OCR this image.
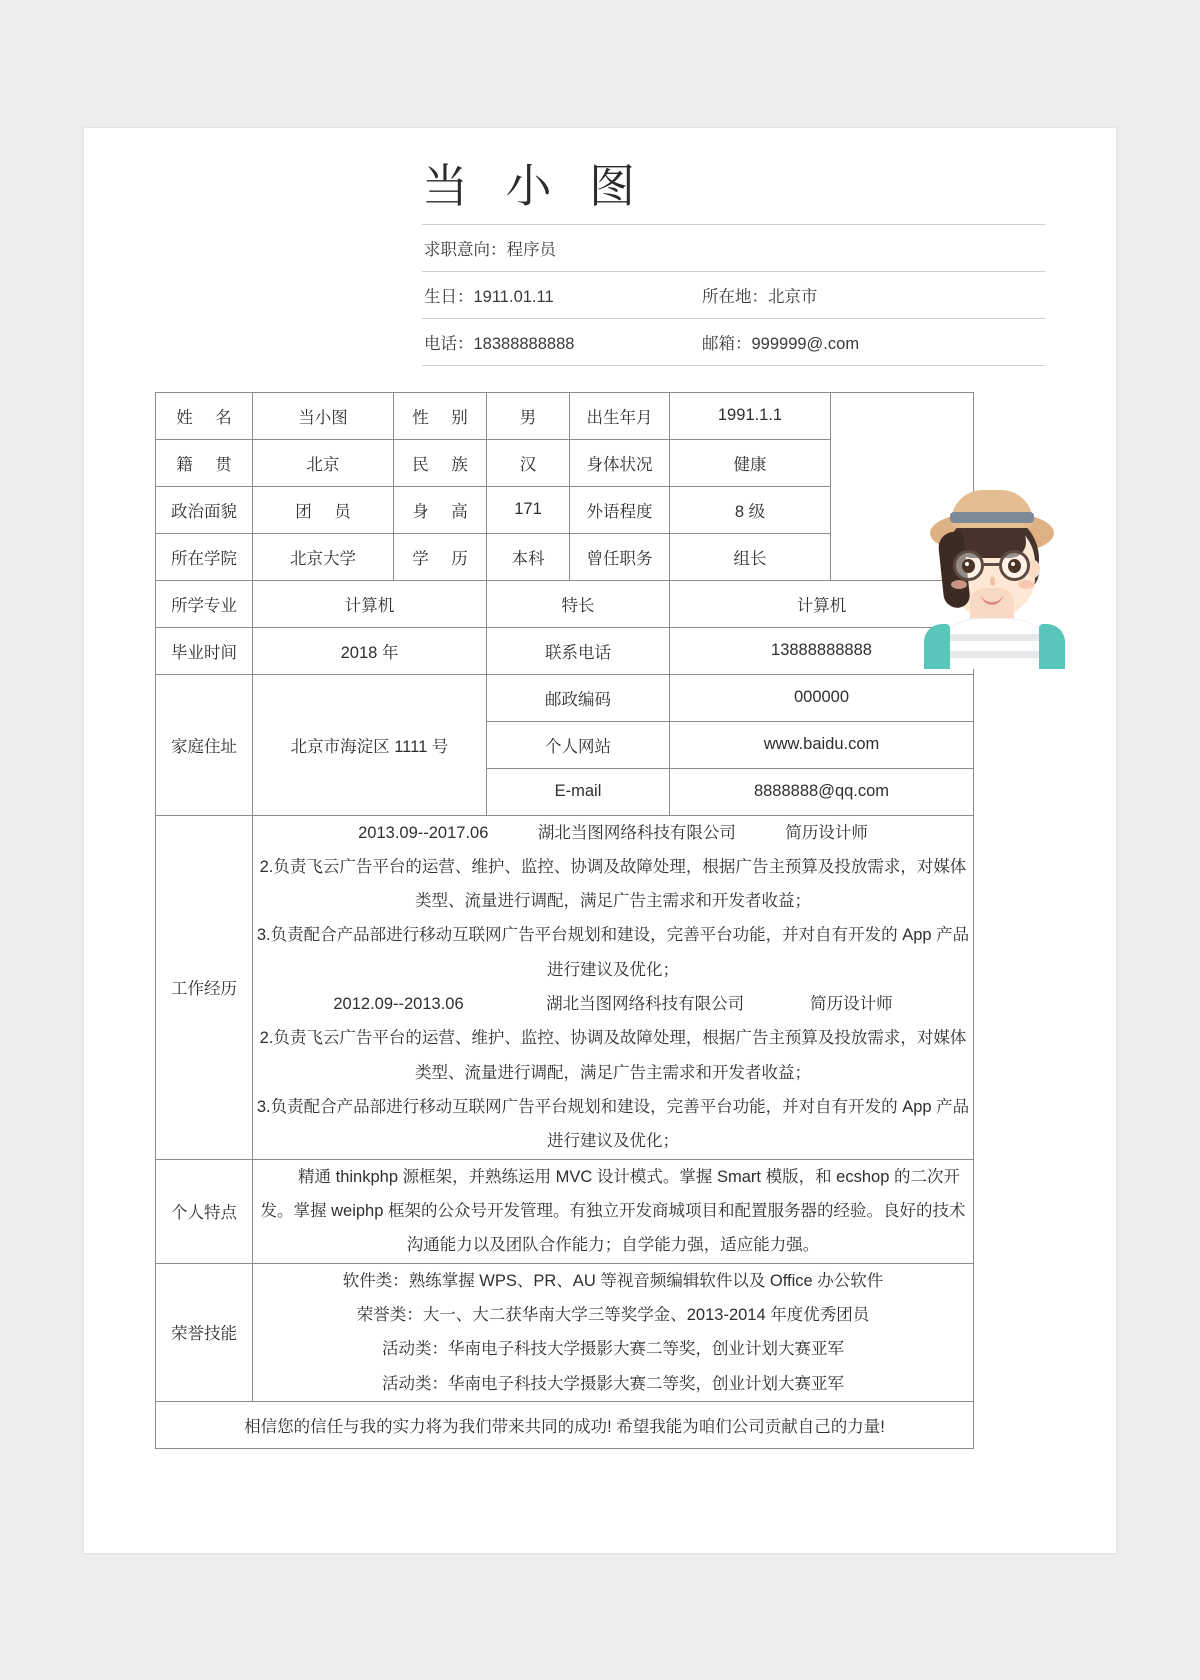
当 小 图
求职意向：程序员
生日：1911.01.11	所在地：北京市
电话：18388888888	邮箱：999999@.com
姓 名	当小图	性 别	男	出生年月	1991.1.1	
籍 贯	北京	民 族	汉	身体状况	健康	
政治面貌	团 员	身 高	171	外语程度	8 级	
所在学院	北京大学	学 历	本科	曾任职务	组长	
所学专业	计算机		特长		计算机	
毕业时间	2018 年		联系电话		13888888888	
家庭住址	北京市海淀区 1111 号		邮政编码		000000	
			个人网站		www.baidu.com	
			E-mail		8888888@qq.com	
工作经历	

2013.09--2017.06　　　湖北当图网络科技有限公司　　　简历设计师

2.负责飞云广告平台的运营、维护、监控、协调及故障处理，根据广告主预算及投放需求，对媒体类型、流量进行调配，满足广告主需求和开发者收益；

3.负责配合产品部进行移动互联网广告平台规划和建设，完善平台功能，并对自有开发的 App 产品进行建议及优化；

2012.09--2013.06　　　　　湖北当图网络科技有限公司　　　　简历设计师

2.负责飞云广告平台的运营、维护、监控、协调及故障处理，根据广告主预算及投放需求，对媒体类型、流量进行调配，满足广告主需求和开发者收益；

3.负责配合产品部进行移动互联网广告平台规划和建设，完善平台功能，并对自有开发的 App 产品进行建议及优化；

个人特点	精通 thinkphp 源框架，并熟练运用 MVC 设计模式。掌握 Smart 模版，和 ecshop 的二次开发。掌握 weiphp 框架的公众号开发管理。有独立开发商城项目和配置服务器的经验。良好的技术沟通能力以及团队合作能力；自学能力强，适应能力强。					

荣誉技能	软件类：熟练掌握 WPS、PR、AU 等视音频编辑软件以及 Office 办公软件

荣誉类：大一、大二获华南大学三等奖学金、2013-2014 年度优秀团员

活动类：华南电子科技大学摄影大赛二等奖，创业计划大赛亚军

活动类：华南电子科技大学摄影大赛二等奖，创业计划大赛亚军					

相信您的信任与我的实力将为我们带来共同的成功! 希望我能为咱们公司贡献自己的力量!						
